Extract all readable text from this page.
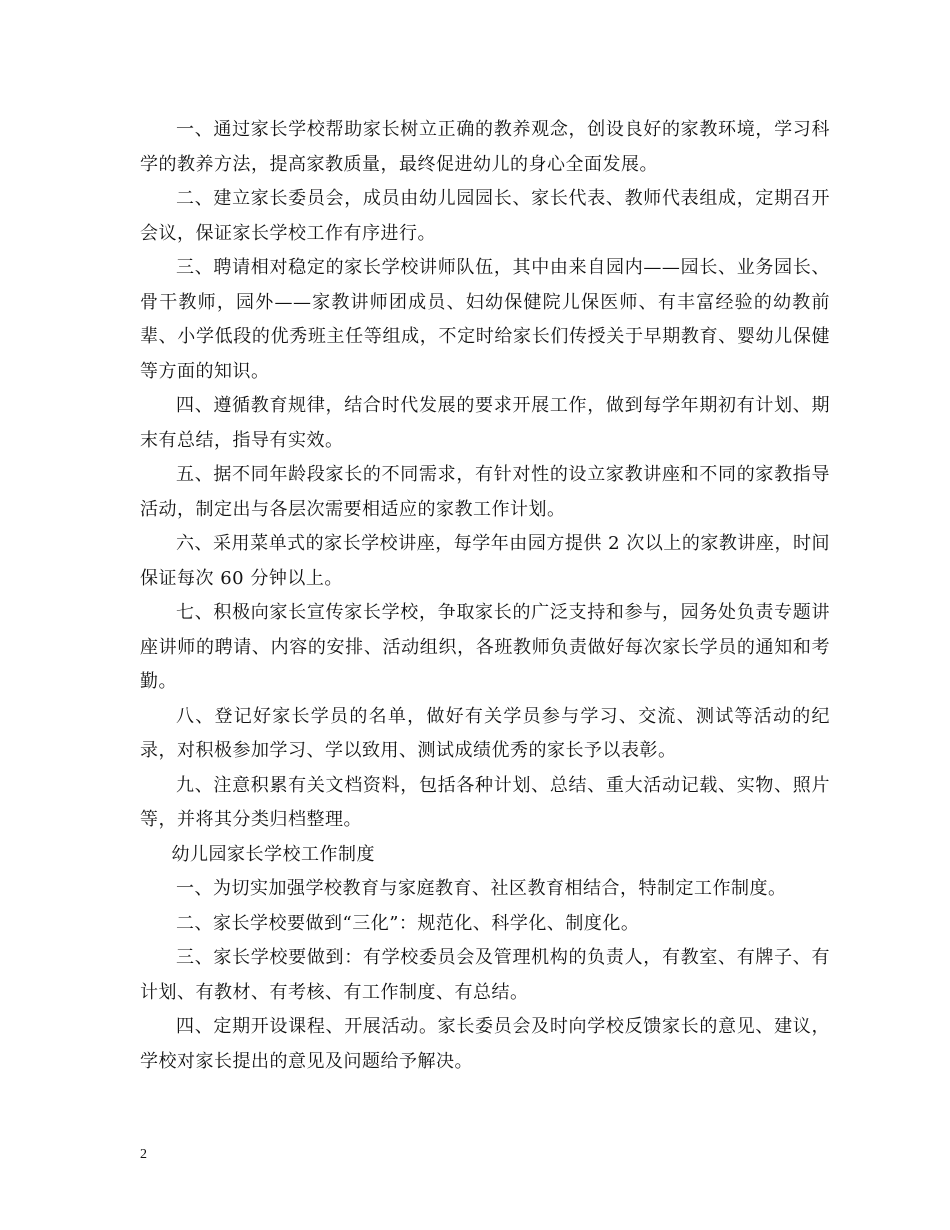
一、通过家长学校帮助家长树立正确的教养观念，创设良好的家教环境，学习科学的教养方法，提高家教质量，最终促进幼儿的身心全面发展。

二、建立家长委员会，成员由幼儿园园长、家长代表、教师代表组成，定期召开会议，保证家长学校工作有序进行。

三、聘请相对稳定的家长学校讲师队伍，其中由来自园内——园长、业务园长、骨干教师，园外——家教讲师团成员、妇幼保健院儿保医师、有丰富经验的幼教前辈、小学低段的优秀班主任等组成，不定时给家长们传授关于早期教育、婴幼儿保健等方面的知识。

四、遵循教育规律，结合时代发展的要求开展工作，做到每学年期初有计划、期末有总结，指导有实效。

五、据不同年龄段家长的不同需求，有针对性的设立家教讲座和不同的家教指导活动，制定出与各层次需要相适应的家教工作计划。

六、采用菜单式的家长学校讲座，每学年由园方提供 2 次以上的家教讲座，时间保证每次 60 分钟以上。

七、积极向家长宣传家长学校，争取家长的广泛支持和参与，园务处负责专题讲座讲师的聘请、内容的安排、活动组织，各班教师负责做好每次家长学员的通知和考勤。

八、登记好家长学员的名单，做好有关学员参与学习、交流、测试等活动的纪录，对积极参加学习、学以致用、测试成绩优秀的家长予以表彰。

九、注意积累有关文档资料，包括各种计划、总结、重大活动记载、实物、照片等，并将其分类归档整理。

幼儿园家长学校工作制度

一、为切实加强学校教育与家庭教育、社区教育相结合，特制定工作制度。

二、家长学校要做到“三化”：规范化、科学化、制度化。

三、家长学校要做到：有学校委员会及管理机构的负责人，有教室、有牌子、有计划、有教材、有考核、有工作制度、有总结。

四、定期开设课程、开展活动。家长委员会及时向学校反馈家长的意见、建议，学校对家长提出的意见及问题给予解决。

2
